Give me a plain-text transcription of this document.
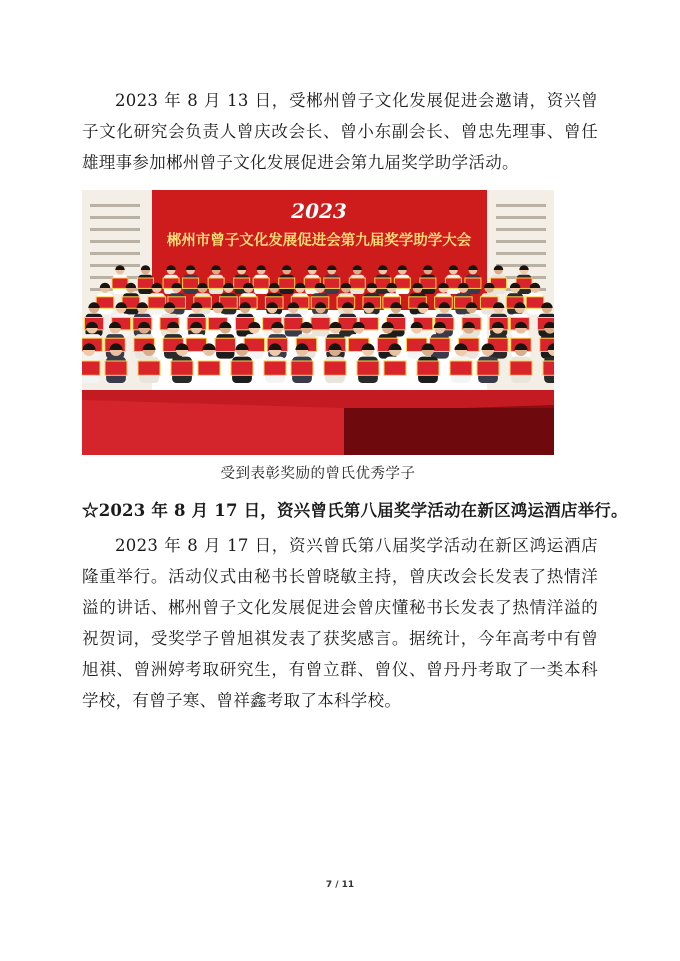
2023 年 8 月 13 日，受郴州曾子文化发展促进会邀请，资兴曾子文化研究会负责人曾庆改会长、曾小东副会长、曾忠先理事、曾任雄理事参加郴州曾子文化发展促进会第九届奖学助学活动。

2023
郴州市曾子文化发展促进会第九届奖学助学大会
受到表彰奖励的曾氏优秀学子
☆2023 年 8 月 17 日，资兴曾氏第八届奖学活动在新区鸿运酒店举行。

2023 年 8 月 17 日，资兴曾氏第八届奖学活动在新区鸿运酒店隆重举行。活动仪式由秘书长曾晓敏主持，曾庆改会长发表了热情洋溢的讲话、郴州曾子文化发展促进会曾庆懂秘书长发表了热情洋溢的祝贺词，受奖学子曾旭祺发表了获奖感言。据统计，今年高考中有曾旭祺、曾洲婷考取研究生，有曾立群、曾仪、曾丹丹考取了一类本科学校，有曾子寒、曾祥鑫考取了本科学校。

7 / 11
